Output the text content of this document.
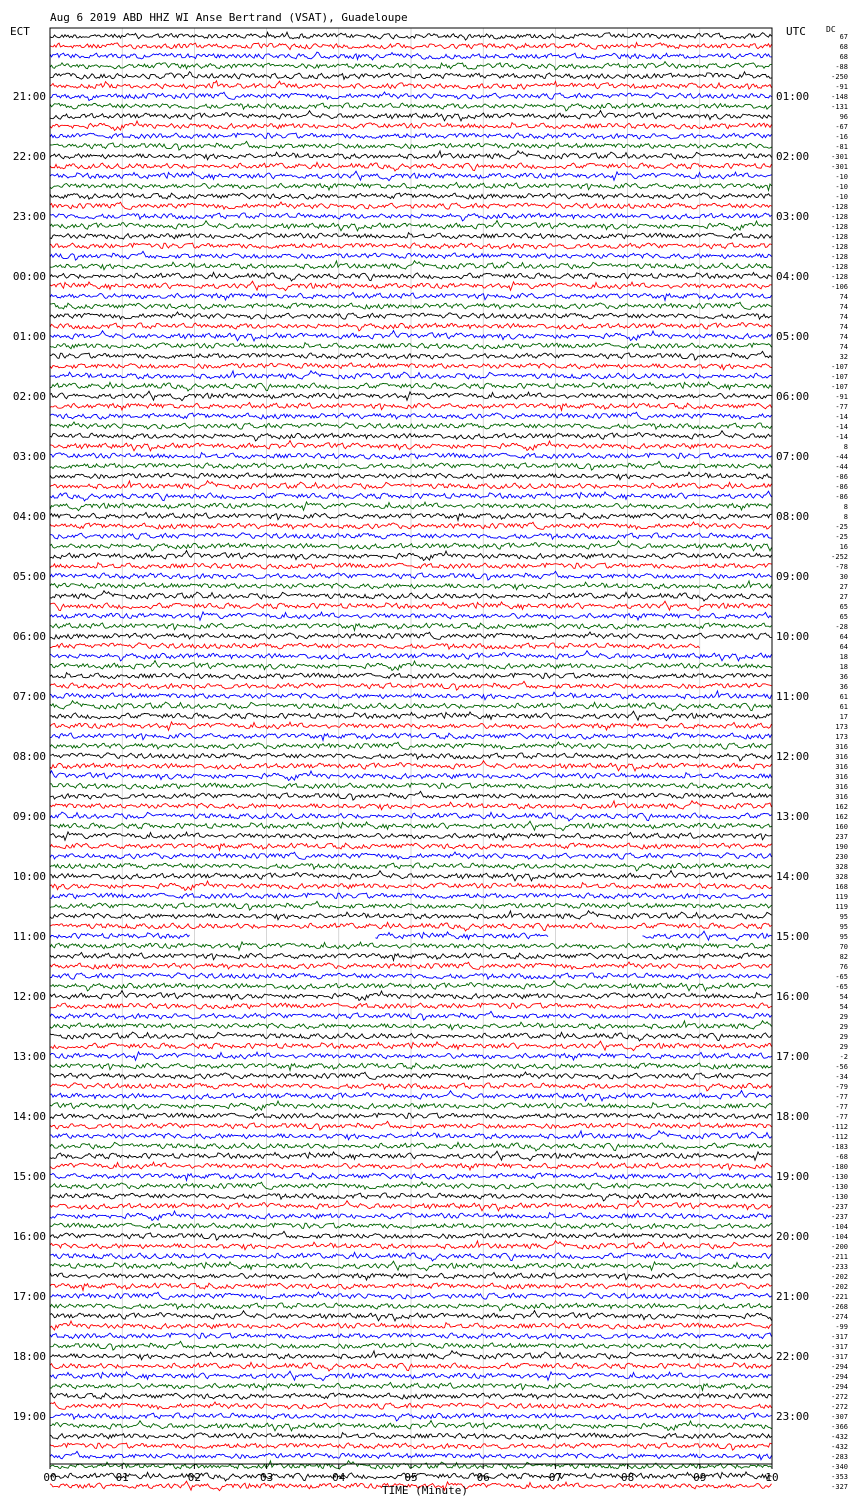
Aug 6 2019 ABD HHZ WI Anse Bertrand (VSAT), Guadeloupe
ECT	UTC	DC
21:00
22:00
23:00
00:00
01:00
02:00
03:00
04:00
05:00
06:00
07:00
08:00
09:00
10:00
11:00
12:00
13:00
14:00
15:00
16:00
17:00
18:00
19:00
01:00
02:00
03:00
04:00
05:00
06:00
07:00
08:00
09:00
10:00
11:00
12:00
13:00
14:00
15:00
16:00
17:00
18:00
19:00
20:00
21:00
22:00
23:00
67
68
68
-88
-250
-91
-148
-131
96
-67
-16
-81
-301
-301
-10
-10
-10
-128
-128
-128
-128
-128
-128
-128
-128
-106
74
74
74
74
74
74
32
-107
-107
-107
-91
-77
-14
-14
-14
8
-44
-44
-86
-86
-86
8
8
-25
-25
16
-252
-78
30
27
27
65
65
-28
64
64
18
18
36
36
61
61
17
173
173
316
316
316
316
316
316
162
162
160
237
190
230
328
328
168
119
119
95
95
95
70
82
76
-65
-65
54
54
29
29
29
29
-2
-56
-34
-79
-77
-77
-77
-112
-112
-183
-68
-180
-130
-130
-130
-237
-237
-104
-104
-200
-211
-233
-202
-202
-221
-268
-274
-99
-317
-317
-317
-294
-294
-294
-272
-272
-307
-366
-432
-432
-283
-340
-353
-327
00	01	02	03	04	05	06	07	08	09	10
TIME (Minute)
